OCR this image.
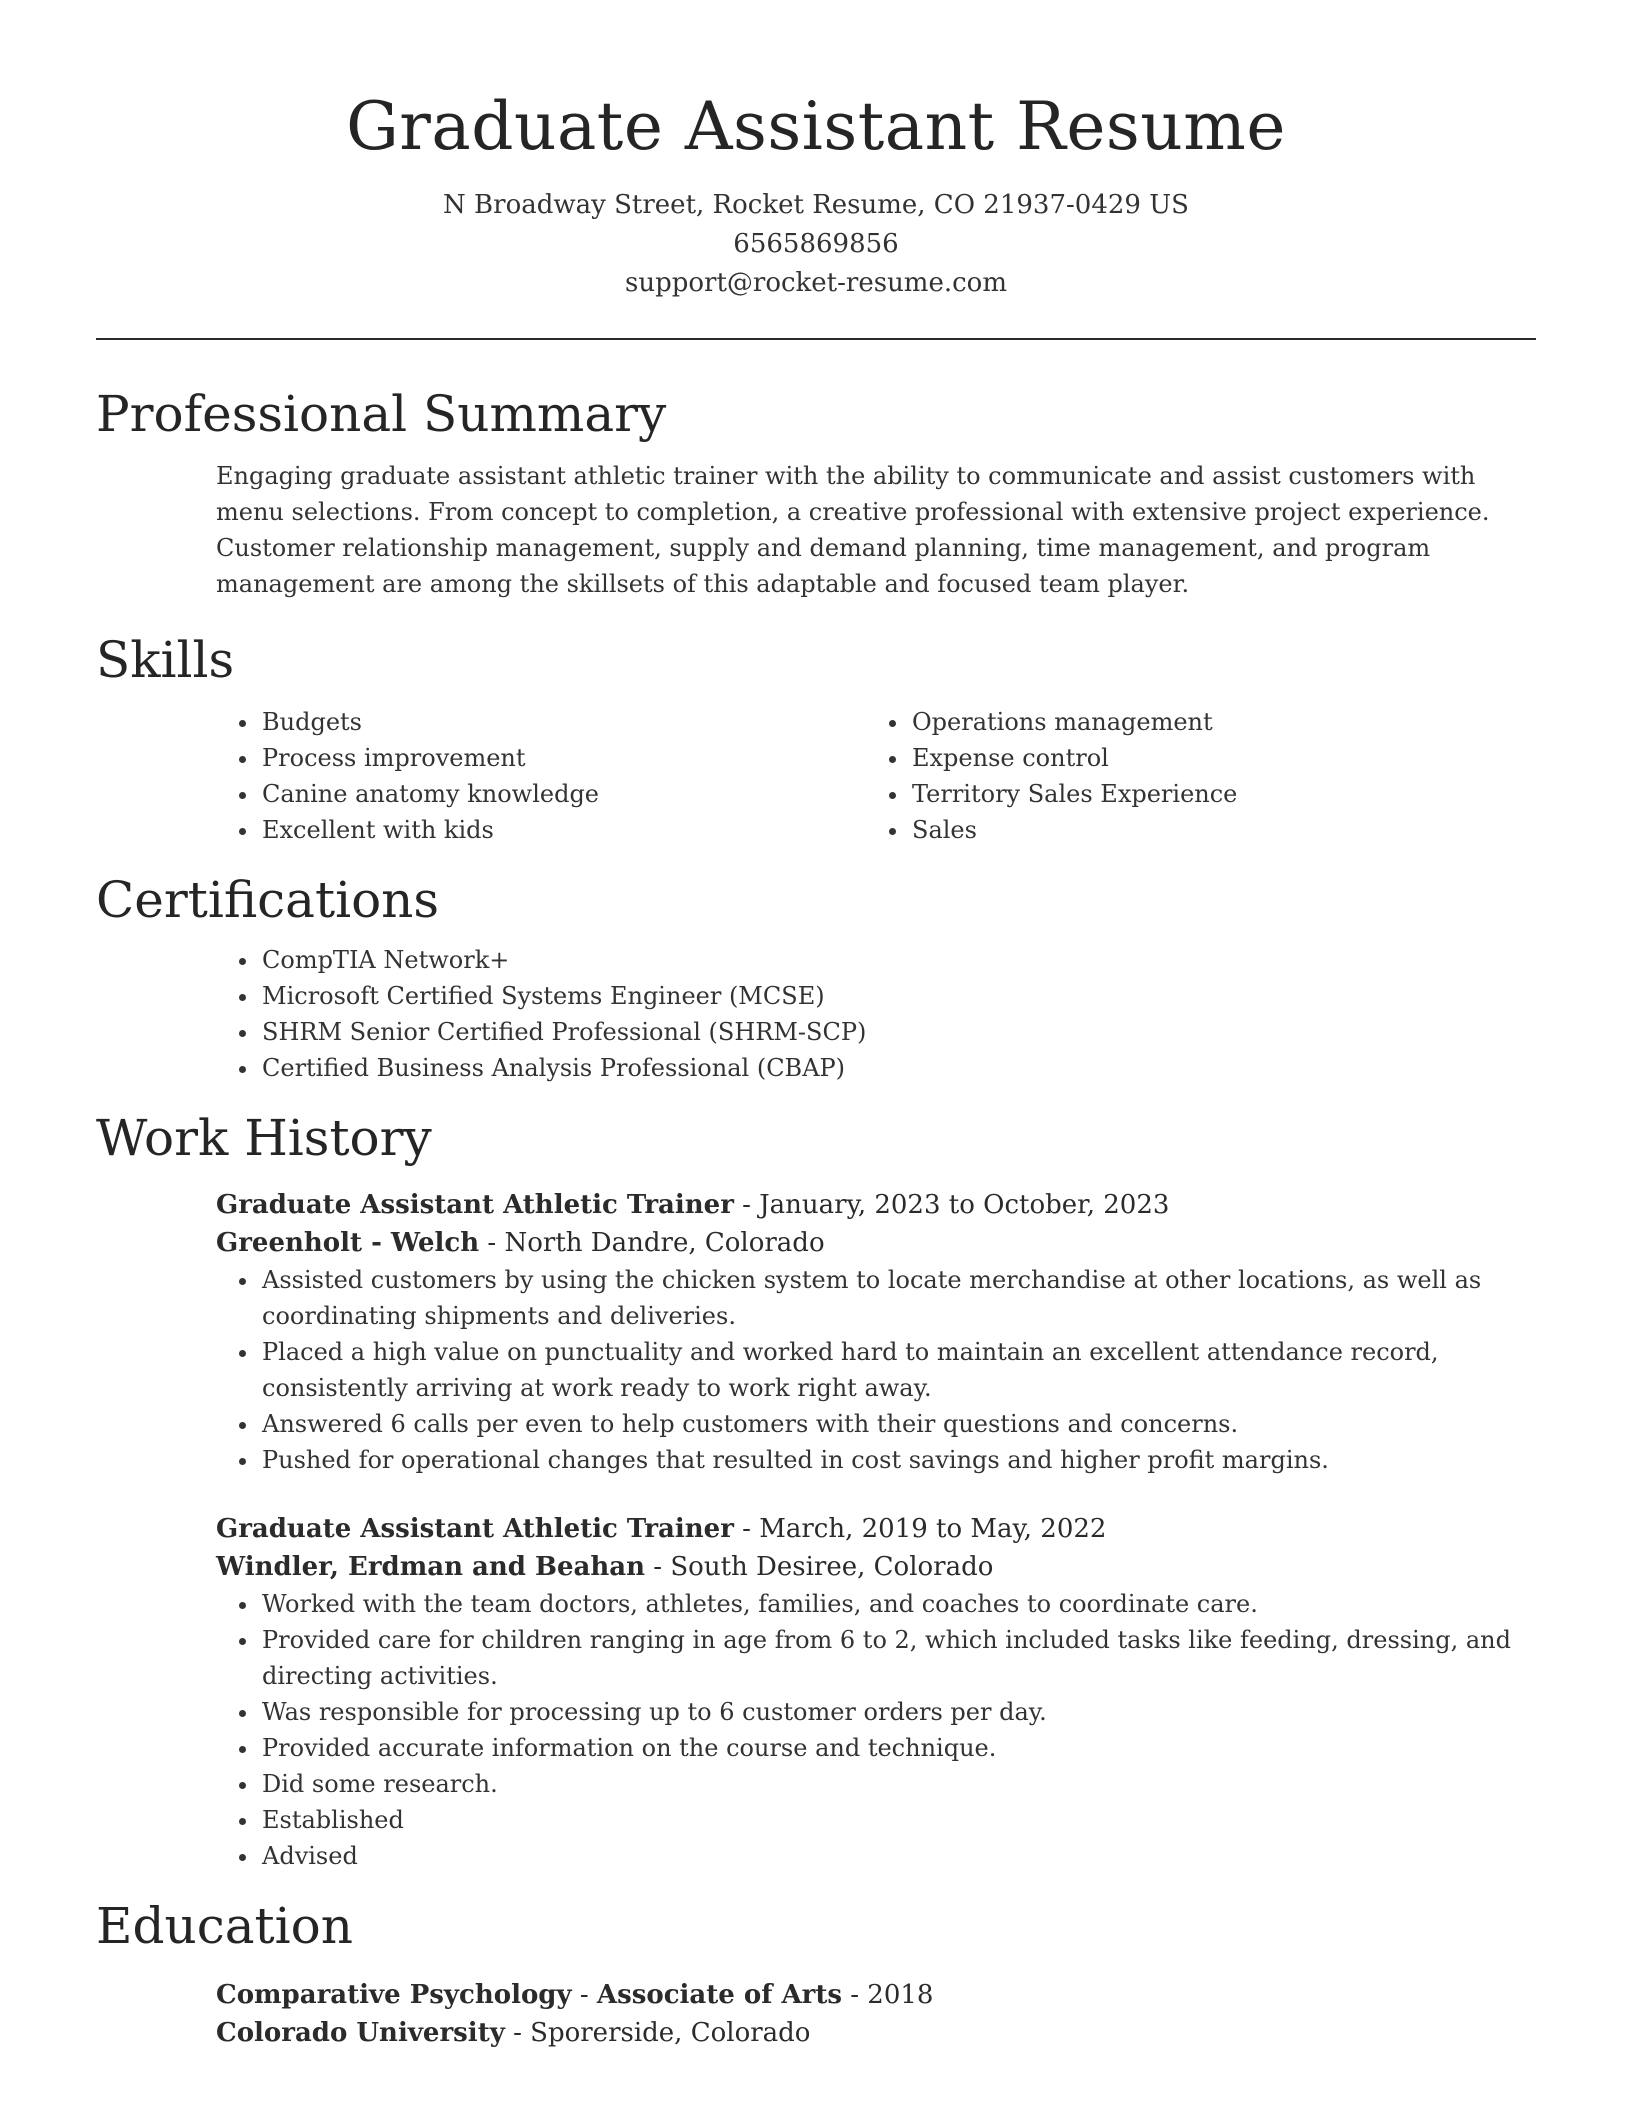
Graduate Assistant Resume
N Broadway Street, Rocket Resume, CO 21937-0429 US
6565869856
support@rocket-resume.com
Professional Summary
Engaging graduate assistant athletic trainer with the ability to communicate and assist customers with menu selections. From concept to completion, a creative professional with extensive project experience. Customer relationship management, supply and demand planning, time management, and program management are among the skillsets of this adaptable and focused team player.
Skills
• Budgets
• Process improvement
• Canine anatomy knowledge
• Excellent with kids
• Operations management
• Expense control
• Territory Sales Experience
• Sales
Certifications
• CompTIA Network+
• Microsoft Certified Systems Engineer (MCSE)
• SHRM Senior Certified Professional (SHRM-SCP)
• Certified Business Analysis Professional (CBAP)
Work History
Graduate Assistant Athletic Trainer - January, 2023 to October, 2023
Greenholt - Welch - North Dandre, Colorado
• Assisted customers by using the chicken system to locate merchandise at other locations, as well as coordinating shipments and deliveries.
• Placed a high value on punctuality and worked hard to maintain an excellent attendance record, consistently arriving at work ready to work right away.
• Answered 6 calls per even to help customers with their questions and concerns.
• Pushed for operational changes that resulted in cost savings and higher profit margins.
Graduate Assistant Athletic Trainer - March, 2019 to May, 2022
Windler, Erdman and Beahan - South Desiree, Colorado
• Worked with the team doctors, athletes, families, and coaches to coordinate care.
• Provided care for children ranging in age from 6 to 2, which included tasks like feeding, dressing, and directing activities.
• Was responsible for processing up to 6 customer orders per day.
• Provided accurate information on the course and technique.
• Did some research.
• Established
• Advised
Education
Comparative Psychology - Associate of Arts - 2018
Colorado University - Sporerside, Colorado
